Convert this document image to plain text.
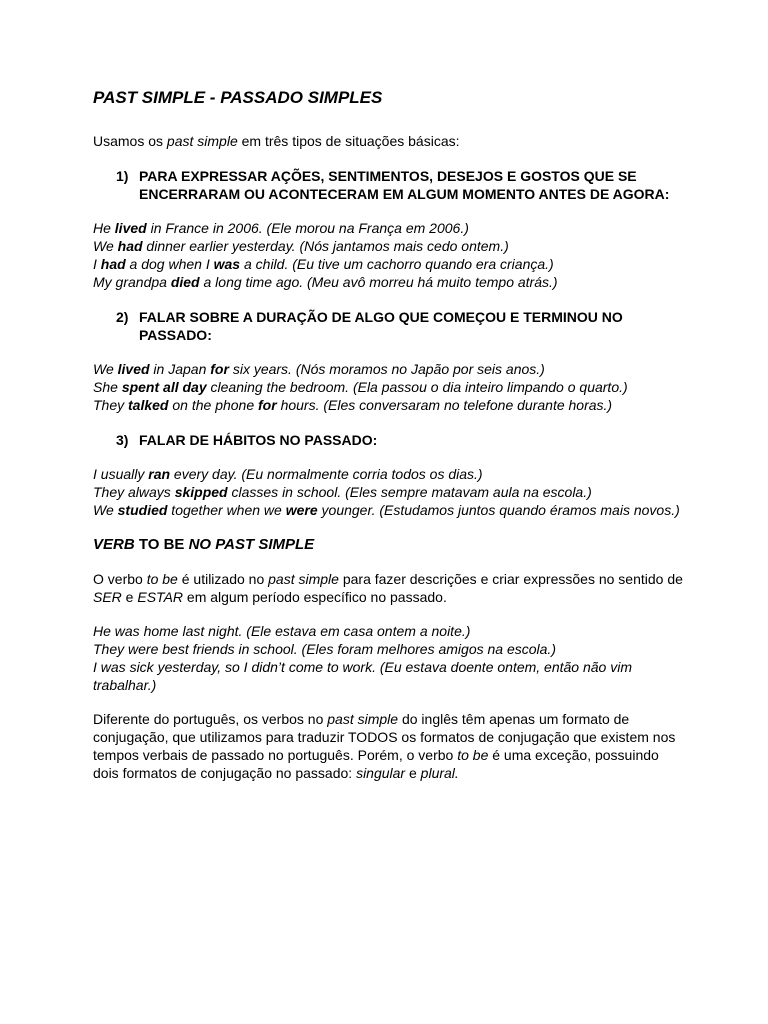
PAST SIMPLE - PASSADO SIMPLES

Usamos os past simple em três tipos de situações básicas:

1) PARA EXPRESSAR AÇÕES, SENTIMENTOS, DESEJOS E GOSTOS QUE SE ENCERRARAM OU ACONTECERAM EM ALGUM MOMENTO ANTES DE AGORA:

He lived in France in 2006. (Ele morou na França em 2006.)

We had dinner earlier yesterday. (Nós jantamos mais cedo ontem.)

I had a dog when I was a child. (Eu tive um cachorro quando era criança.)

My grandpa died a long time ago. (Meu avô morreu há muito tempo atrás.)

2) FALAR SOBRE A DURAÇÃO DE ALGO QUE COMEÇOU E TERMINOU NO PASSADO:

We lived in Japan for six years. (Nós moramos no Japão por seis anos.)

She spent all day cleaning the bedroom. (Ela passou o dia inteiro limpando o quarto.)

They talked on the phone for hours. (Eles conversaram no telefone durante horas.)

3) FALAR DE HÁBITOS NO PASSADO:

I usually ran every day. (Eu normalmente corria todos os dias.)

They always skipped classes in school. (Eles sempre matavam aula na escola.)

We studied together when we were younger. (Estudamos juntos quando éramos mais novos.)

VERB TO BE NO PAST SIMPLE

O verbo to be é utilizado no past simple para fazer descrições e criar expressões no sentido de SER e ESTAR em algum período específico no passado.

He was home last night. (Ele estava em casa ontem a noite.)

They were best friends in school. (Eles foram melhores amigos na escola.)

I was sick yesterday, so I didn’t come to work. (Eu estava doente ontem, então não vim trabalhar.)

Diferente do português, os verbos no past simple do inglês têm apenas um formato de conjugação, que utilizamos para traduzir TODOS os formatos de conjugação que existem nos tempos verbais de passado no português. Porém, o verbo to be é uma exceção, possuindo dois formatos de conjugação no passado: singular e plural.
